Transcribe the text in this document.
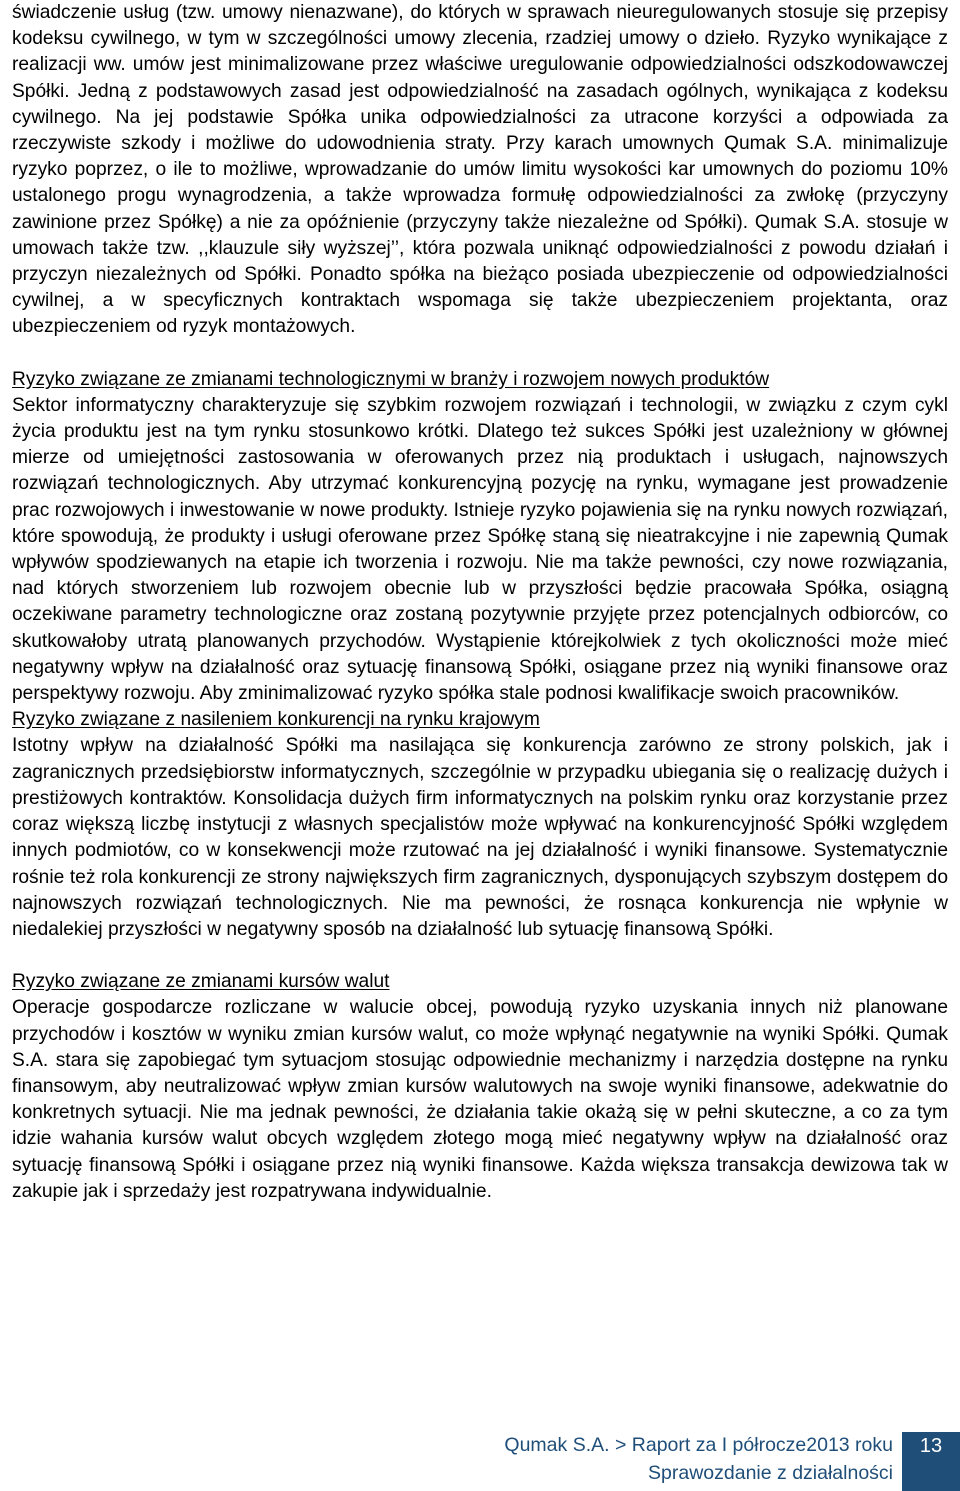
świadczenie usług (tzw. umowy nienazwane), do których w sprawach nieuregulowanych stosuje się przepisy kodeksu cywilnego, w tym w szczególności umowy zlecenia, rzadziej umowy o dzieło. Ryzyko wynikające z realizacji ww. umów jest minimalizowane przez właściwe uregulowanie odpowiedzialności odszkodowawczej Spółki. Jedną z podstawowych zasad jest odpowiedzialność na zasadach ogólnych, wynikająca z kodeksu cywilnego. Na jej podstawie Spółka unika odpowiedzialności za utracone korzyści a odpowiada za rzeczywiste szkody i możliwe do udowodnienia straty. Przy karach umownych Qumak S.A. minimalizuje ryzyko poprzez, o ile to możliwe, wprowadzanie do umów limitu wysokości kar umownych do poziomu 10% ustalonego progu wynagrodzenia, a także wprowadza formułę odpowiedzialności za zwłokę (przyczyny zawinione przez Spółkę) a nie za opóźnienie (przyczyny także niezależne od Spółki). Qumak S.A. stosuje w umowach także tzw. ,,klauzule siły wyższej’’, która pozwala uniknąć odpowiedzialności z powodu działań i przyczyn niezależnych od Spółki. Ponadto spółka na bieżąco posiada ubezpieczenie od odpowiedzialności cywilnej, a w specyficznych kontraktach wspomaga się także ubezpieczeniem projektanta, oraz ubezpieczeniem od ryzyk montażowych.

Ryzyko związane ze zmianami technologicznymi w branży i rozwojem nowych produktów

Sektor informatyczny charakteryzuje się szybkim rozwojem rozwiązań i technologii, w związku z czym cykl życia produktu jest na tym rynku stosunkowo krótki. Dlatego też sukces Spółki jest uzależniony w głównej mierze od umiejętności zastosowania w oferowanych przez nią produktach i usługach, najnowszych rozwiązań technologicznych. Aby utrzymać konkurencyjną pozycję na rynku, wymagane jest prowadzenie prac rozwojowych i inwestowanie w nowe produkty. Istnieje ryzyko pojawienia się na rynku nowych rozwiązań, które spowodują, że produkty i usługi oferowane przez Spółkę staną się nieatrakcyjne i nie zapewnią Qumak wpływów spodziewanych na etapie ich tworzenia i rozwoju. Nie ma także pewności, czy nowe rozwiązania, nad których stworzeniem lub rozwojem obecnie lub w przyszłości będzie pracowała Spółka, osiągną oczekiwane parametry technologiczne oraz zostaną pozytywnie przyjęte przez potencjalnych odbiorców, co skutkowałoby utratą planowanych przychodów. Wystąpienie którejkolwiek z tych okoliczności może mieć negatywny wpływ na działalność oraz sytuację finansową Spółki, osiągane przez nią wyniki finansowe oraz perspektywy rozwoju. Aby zminimalizować ryzyko spółka stale podnosi kwalifikacje swoich pracowników.

Ryzyko związane z nasileniem konkurencji na rynku krajowym

Istotny wpływ na działalność Spółki ma nasilająca się konkurencja zarówno ze strony polskich, jak i zagranicznych przedsiębiorstw informatycznych, szczególnie w przypadku ubiegania się o realizację dużych i prestiżowych kontraktów. Konsolidacja dużych firm informatycznych na polskim rynku oraz korzystanie przez coraz większą liczbę instytucji z własnych specjalistów może wpływać na konkurencyjność Spółki względem innych podmiotów, co w konsekwencji może rzutować na jej działalność i wyniki finansowe. Systematycznie rośnie też rola konkurencji ze strony największych firm zagranicznych, dysponujących szybszym dostępem do najnowszych rozwiązań technologicznych. Nie ma pewności, że rosnąca konkurencja nie wpłynie w niedalekiej przyszłości w negatywny sposób na działalność lub sytuację finansową Spółki.

Ryzyko związane ze zmianami kursów walut

Operacje gospodarcze rozliczane w walucie obcej, powodują ryzyko uzyskania innych niż planowane przychodów i kosztów w wyniku zmian kursów walut, co może wpłynąć negatywnie na wyniki Spółki. Qumak S.A. stara się zapobiegać tym sytuacjom stosując odpowiednie mechanizmy i narzędzia dostępne na rynku finansowym, aby neutralizować wpływ zmian kursów walutowych na swoje wyniki finansowe, adekwatnie do konkretnych sytuacji. Nie ma jednak pewności, że działania takie okażą się w pełni skuteczne, a co za tym idzie wahania kursów walut obcych względem złotego mogą mieć negatywny wpływ na działalność oraz sytuację finansową Spółki i osiągane przez nią wyniki finansowe. Każda większa transakcja dewizowa tak w zakupie jak i sprzedaży jest rozpatrywana indywidualnie.

Qumak S.A. > Raport za I półrocze2013 roku
Sprawozdanie z działalności
13
